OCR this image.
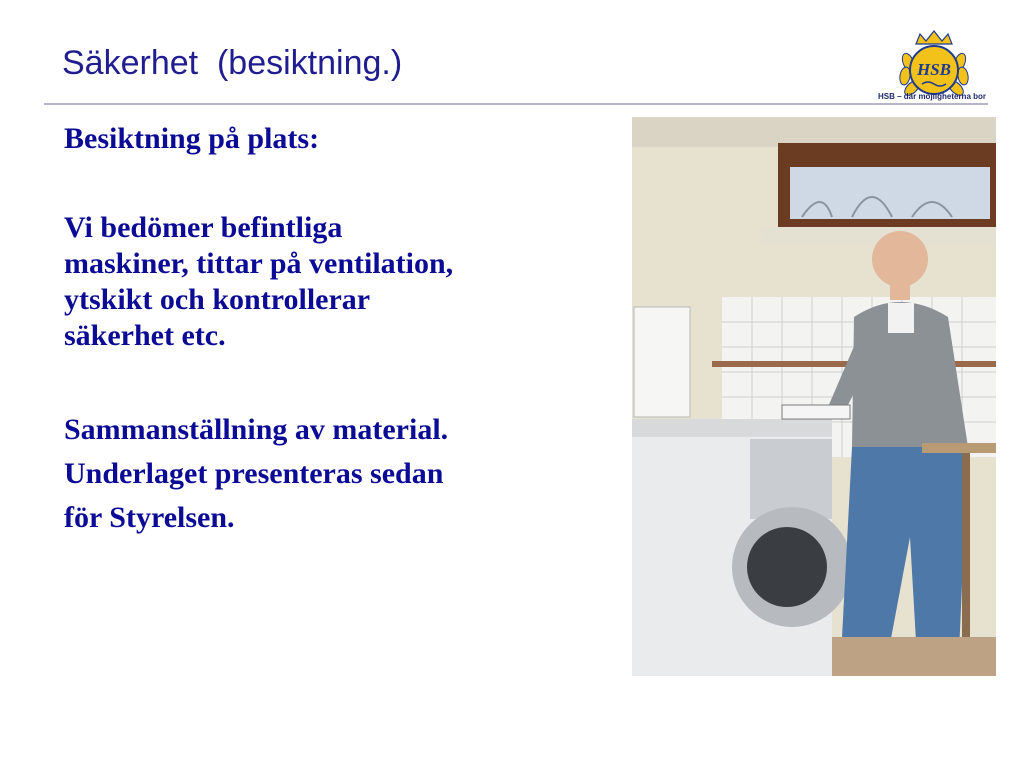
Säkerhet  (besiktning.)	HSB
HSB – där möjligheterna bor

Besiktning på plats:

Vi bedömer befintliga
maskiner, tittar på ventilation,
ytskikt och kontrollerar
säkerhet etc.
Sammanställning av material.
Underlaget presenteras sedan
för Styrelsen.
